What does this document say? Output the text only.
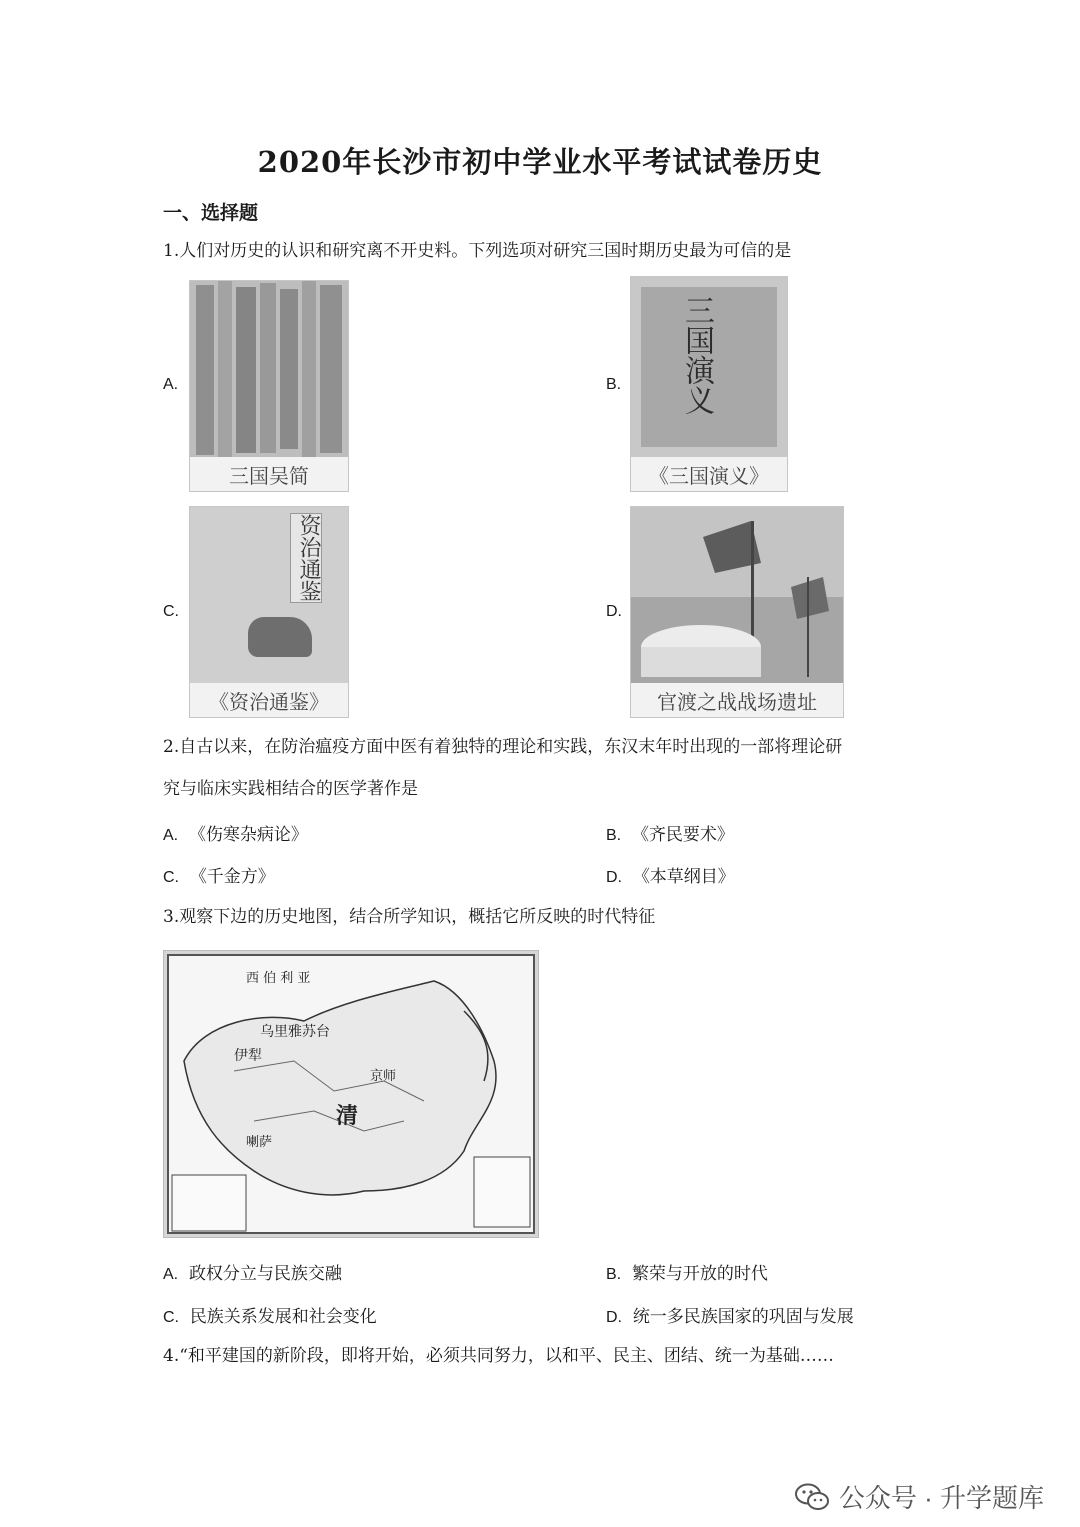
2020年长沙市初中学业水平考试试卷历史
一、选择题
1.人们对历史的认识和研究离不开史料。下列选项对研究三国时期历史最为可信的是
A.
三国吴简
B. 三国演义
《三国演义》
C.
资治通鉴
《资治通鉴》
D.
官渡之战战场遗址
2.自古以来，在防治瘟疫方面中医有着独特的理论和实践，东汉末年时出现的一部将理论研
究与临床实践相结合的医学著作是
A. 《伤寒杂病论》	B. 《齐民要术》
C. 《千金方》	D. 《本草纲目》
3.观察下边的历史地图，结合所学知识，概括它所反映的时代特征
西 伯 利 亚
乌里雅苏台
伊犁
清
喇萨
京师
A. 政权分立与民族交融	B. 繁荣与开放的时代
C. 民族关系发展和社会变化	D. 统一多民族国家的巩固与发展
4.“和平建国的新阶段，即将开始，必须共同努力，以和平、民主、团结、统一为基础……
公众号 · 升学题库
